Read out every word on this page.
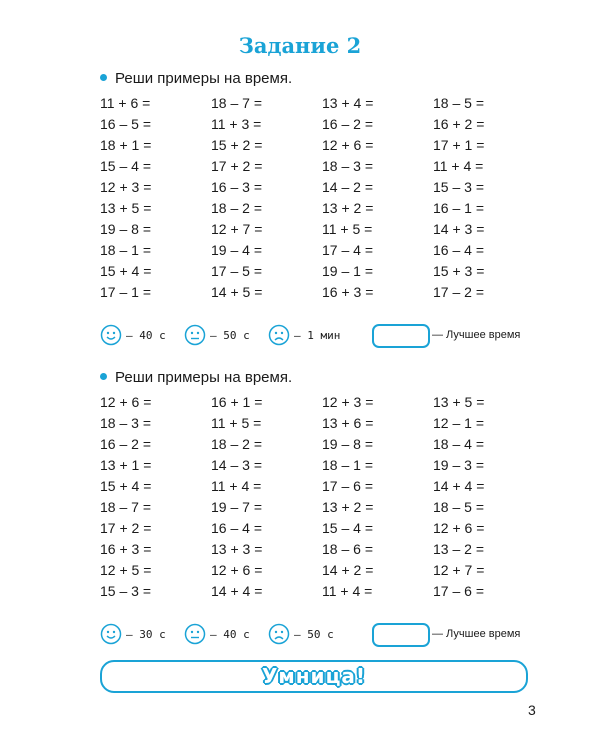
Задание 2
Реши примеры на время.
11 + 6 =	18 – 7 =	13 + 4 =	18 – 5 =
16 – 5 =	11 + 3 =	16 – 2 =	16 + 2 =
18 + 1 =	15 + 2 =	12 + 6 =	17 + 1 =
15 – 4 =	17 + 2 =	18 – 3 =	11 + 4 =
12 + 3 =	16 – 3 =	14 – 2 =	15 – 3 =
13 + 5 =	18 – 2 =	13 + 2 =	16 – 1 =
19 – 8 =	12 + 7 =	11 + 5 =	14 + 3 =
18 – 1 =	19 – 4 =	17 – 4 =	16 – 4 =
15 + 4 =	17 – 5 =	19 – 1 =	15 + 3 =
17 – 1 =	14 + 5 =	16 + 3 =	17 – 2 =
— 40 с	— 50 с	— 1 мин	— Лучшее время
Реши примеры на время.
12 + 6 =	16 + 1 =	12 + 3 =	13 + 5 =
18 – 3 =	11 + 5 =	13 + 6 =	12 – 1 =
16 – 2 =	18 – 2 =	19 – 8 =	18 – 4 =
13 + 1 =	14 – 3 =	18 – 1 =	19 – 3 =
15 + 4 =	11 + 4 =	17 – 6 =	14 + 4 =
18 – 7 =	19 – 7 =	13 + 2 =	18 – 5 =
17 + 2 =	16 – 4 =	15 – 4 =	12 + 6 =
16 + 3 =	13 + 3 =	18 – 6 =	13 – 2 =
12 + 5 =	12 + 6 =	14 + 2 =	12 + 7 =
15 – 3 =	14 + 4 =	11 + 4 =	17 – 6 =
— 30 с	— 40 с	— 50 с	— Лучшее время
Умница!
3
